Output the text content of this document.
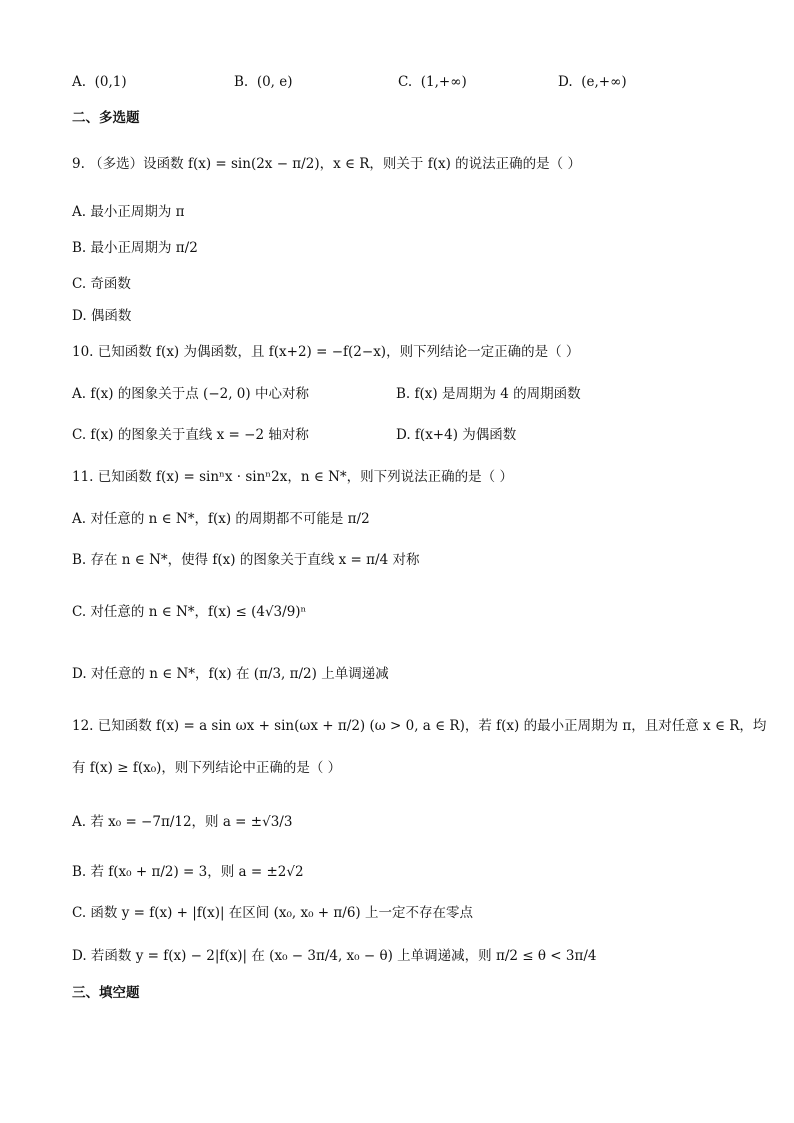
A. (0,1)	B. (0, e)	C. (1,+∞)	D. (e,+∞)
二、多选题
9. （多选）设函数 f(x) = sin(2x − π/2)，x ∈ R，则关于 f(x) 的说法正确的是（ ）
A. 最小正周期为 π
B. 最小正周期为 π/2
C. 奇函数
D. 偶函数
10. 已知函数 f(x) 为偶函数，且 f(x+2) = −f(2−x)，则下列结论一定正确的是（ ）
A. f(x) 的图象关于点 (−2, 0) 中心对称	B. f(x) 是周期为 4 的周期函数
C. f(x) 的图象关于直线 x = −2 轴对称	D. f(x+4) 为偶函数
11. 已知函数 f(x) = sinⁿx · sinⁿ2x，n ∈ N*，则下列说法正确的是（ ）
A. 对任意的 n ∈ N*，f(x) 的周期都不可能是 π/2
B. 存在 n ∈ N*，使得 f(x) 的图象关于直线 x = π/4 对称
C. 对任意的 n ∈ N*，f(x) ≤ (4√3/9)ⁿ
D. 对任意的 n ∈ N*，f(x) 在 (π/3, π/2) 上单调递减
12. 已知函数 f(x) = a sin ωx + sin(ωx + π/2) (ω > 0, a ∈ R)，若 f(x) 的最小正周期为 π，且对任意 x ∈ R，均
有 f(x) ≥ f(x₀)，则下列结论中正确的是（ ）
A. 若 x₀ = −7π/12，则 a = ±√3/3
B. 若 f(x₀ + π/2) = 3，则 a = ±2√2
C. 函数 y = f(x) + |f(x)| 在区间 (x₀, x₀ + π/6) 上一定不存在零点
D. 若函数 y = f(x) − 2|f(x)| 在 (x₀ − 3π/4, x₀ − θ) 上单调递减，则 π/2 ≤ θ < 3π/4
三、填空题
